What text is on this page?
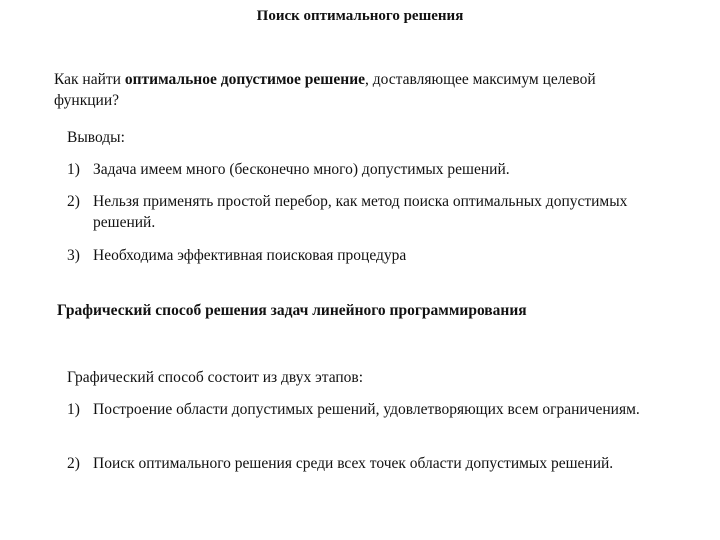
Поиск оптимального решения
Как найти оптимальное допустимое решение, доставляющее максимум целевой функции?
Выводы:
1) Задача имеем много (бесконечно много) допустимых решений.
2) Нельзя применять простой перебор, как метод поиска оптимальных допустимых решений.
3) Необходима эффективная поисковая процедура
Графический способ решения задач линейного программирования
Графический способ состоит из двух этапов:
1) Построение области допустимых решений, удовлетворяющих всем ограничениям.
2) Поиск оптимального решения среди всех точек области допустимых решений.
